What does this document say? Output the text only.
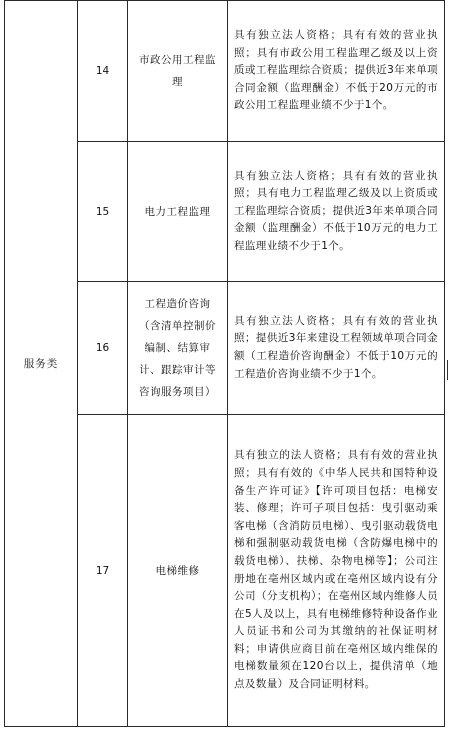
服务类	14	市政公用工程监理	具有独立法人资格；具有有效的营业执照；具有市政公用工程监理乙级及以上资质或工程监理综合资质；提供近3年来单项合同金额（监理酬金）不低于20万元的市政公用工程监理业绩不少于1个。

	15	电力工程监理	具有独立法人资格；具有有效的营业执照；具有电力工程监理乙级及以上资质或工程监理综合资质；提供近3年来单项合同金额（监理酬金）不低于10万元的电力工程监理业绩不少于1个。

	16	工程造价咨询（含清单控制价编制、结算审计、跟踪审计等咨询服务项目）	具有独立法人资格；具有有效的营业执照；提供近3年来建设工程领域单项合同金额（工程造价咨询酬金）不低于10万元的工程造价咨询业绩不少于1个。

	17	电梯维修	具有独立的法人资格；具有有效的营业执照；具有有效的《中华人民共和国特种设备生产许可证》【许可项目包括：电梯安装、修理；许可子项目包括：曳引驱动乘客电梯（含消防员电梯）、曳引驱动载货电梯和强制驱动载货电梯（含防爆电梯中的载货电梯）、扶梯、杂物电梯等】；公司注册地在亳州区域内或在亳州区域内设有分公司（分支机构）；在亳州区域内维修人员在5人及以上，具有电梯维修特种设备作业人员证书和公司为其缴纳的社保证明材料；申请供应商目前在亳州区域内维保的电梯数量须在120台以上，提供清单（地点及数量）及合同证明材料。
